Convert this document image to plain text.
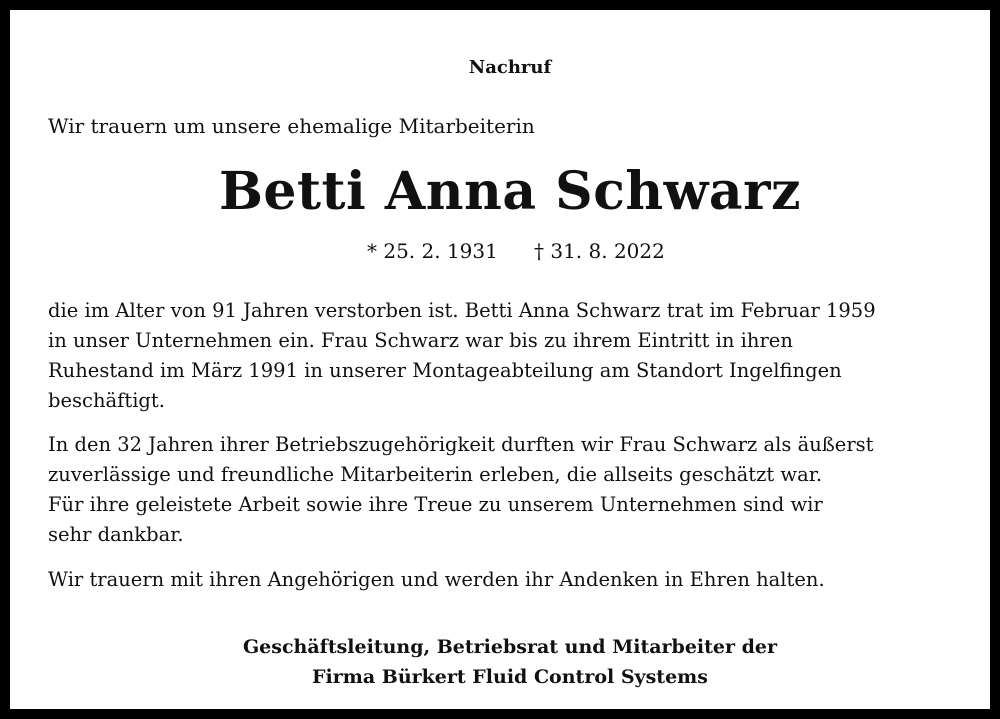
Nachruf
Wir trauern um unsere ehemalige Mitarbeiterin
Betti Anna Schwarz
* 25. 2. 1931 † 31. 8. 2022
die im Alter von 91 Jahren verstorben ist. Betti Anna Schwarz trat im Februar 1959
in unser Unternehmen ein. Frau Schwarz war bis zu ihrem Eintritt in ihren
Ruhestand im März 1991 in unserer Montageabteilung am Standort Ingelfingen
beschäftigt.
In den 32 Jahren ihrer Betriebszugehörigkeit durften wir Frau Schwarz als äußerst
zuverlässige und freundliche Mitarbeiterin erleben, die allseits geschätzt war.
Für ihre geleistete Arbeit sowie ihre Treue zu unserem Unternehmen sind wir
sehr dankbar.
Wir trauern mit ihren Angehörigen und werden ihr Andenken in Ehren halten.
Geschäftsleitung, Betriebsrat und Mitarbeiter der
Firma Bürkert Fluid Control Systems
